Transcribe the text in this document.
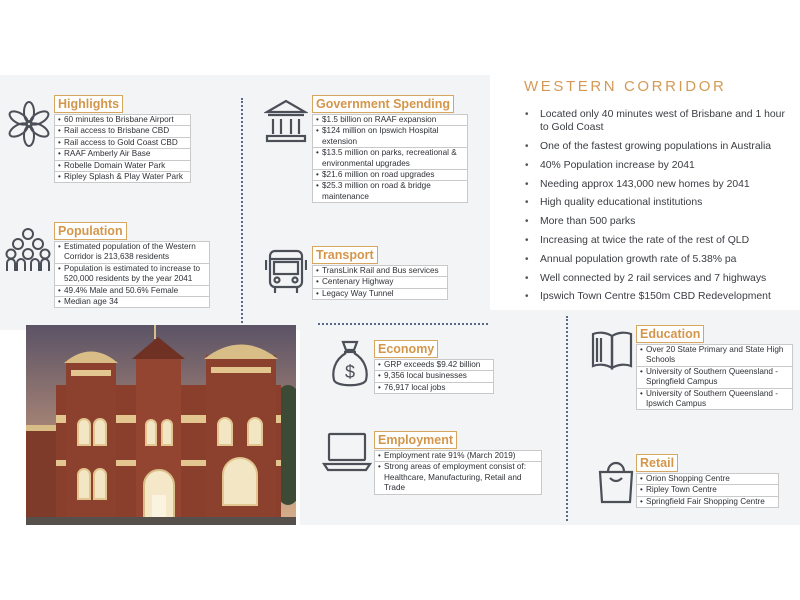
Highlights
• 60 minutes to Brisbane Airport
• Rail access to Brisbane CBD
• Rail access to Gold Coast CBD
• RAAF Amberly Air Base
• Robelle Domain Water Park
• Ripley Splash & Play Water Park
Population
• Estimated population of the Western Corridor is 213,638 residents
• Population is estimated to increase to 520,000 residents by the year 2041
• 49.4% Male and 50.6% Female
• Median age 34
Government Spending
• $1.5 billion on RAAF expansion
• $124 million on Ipswich Hospital extension
• $13.5 million on parks, recreational & environmental upgrades
• $21.6 million on road upgrades
• $25.3 million on road & bridge maintenance
Transport
• TransLink Rail and Bus services
• Centenary Highway
• Legacy Way Tunnel
WESTERN CORRIDOR
• Located only 40 minutes west of Brisbane and 1 hour to Gold Coast
• One of the fastest growing populations in Australia
• 40% Population increase by 2041
• Needing approx 143,000 new homes by 2041
• High quality educational institutions
• More than 500 parks
• Increasing at twice the rate of the rest of QLD
• Annual population growth rate of 5.38% pa
• Well connected by 2 rail services and 7 highways
• Ipswich Town Centre $150m CBD Redevelopment
$
Economy
• GRP exceeds $9.42 billion
• 9,356 local businesses
• 76,917 local jobs
Employment
• Employment rate 91% (March 2019)
• Strong areas of employment consist of: Healthcare, Manufacturing, Retail and Trade
Education
• Over 20 State Primary and State High Schools
• University of Southern Queensland - Springfield Campus
• University of Southern Queensland - Ipswich Campus
Retail
• Orion Shopping Centre
• Ripley Town Centre
• Springfield Fair Shopping Centre
